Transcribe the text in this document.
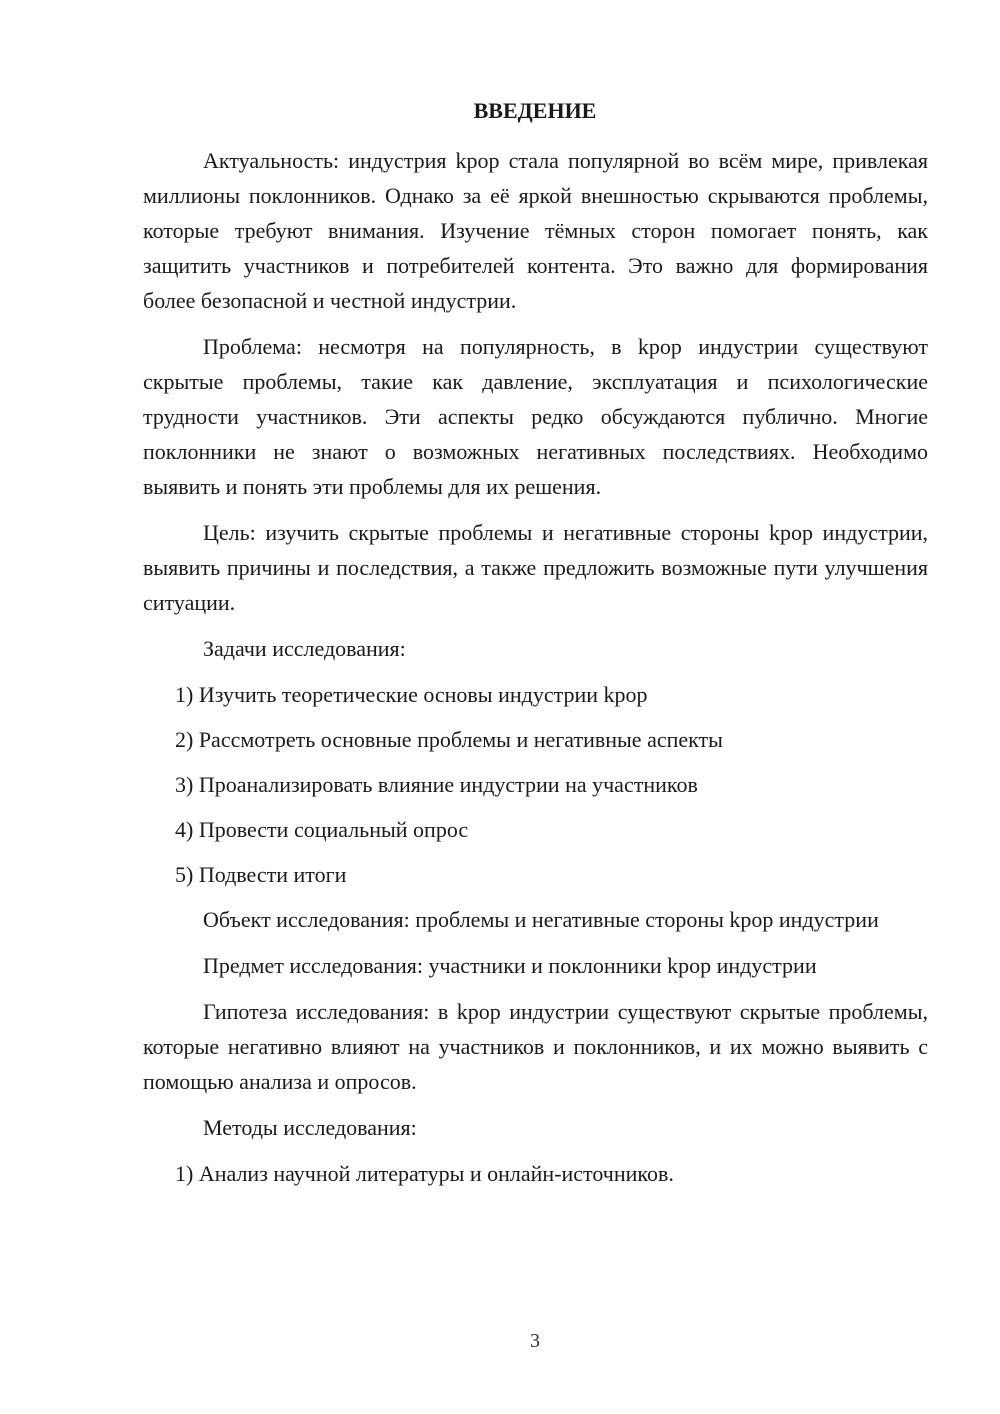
ВВЕДЕНИЕ

Актуальность: индустрия kpop стала популярной во всём мире, привлекая миллионы поклонников. Однако за её яркой внешностью скрываются проблемы, которые требуют внимания. Изучение тёмных сторон помогает понять, как защитить участников и потребителей контента. Это важно для формирования более безопасной и честной индустрии.

Проблема: несмотря на популярность, в kpop индустрии существуют скрытые проблемы, такие как давление, эксплуатация и психологические трудности участников. Эти аспекты редко обсуждаются публично. Многие поклонники не знают о возможных негативных последствиях. Необходимо выявить и понять эти проблемы для их решения.

Цель: изучить скрытые проблемы и негативные стороны kpop индустрии, выявить причины и последствия, а также предложить возможные пути улучшения ситуации.

Задачи исследования:

1) Изучить теоретические основы индустрии kpop

2) Рассмотреть основные проблемы и негативные аспекты

3) Проанализировать влияние индустрии на участников

4) Провести социальный опрос

5) Подвести итоги

Объект исследования: проблемы и негативные стороны kpop индустрии

Предмет исследования: участники и поклонники kpop индустрии

Гипотеза исследования: в kpop индустрии существуют скрытые проблемы, которые негативно влияют на участников и поклонников, и их можно выявить с помощью анализа и опросов.

Методы исследования:

1) Анализ научной литературы и онлайн-источников.

3
